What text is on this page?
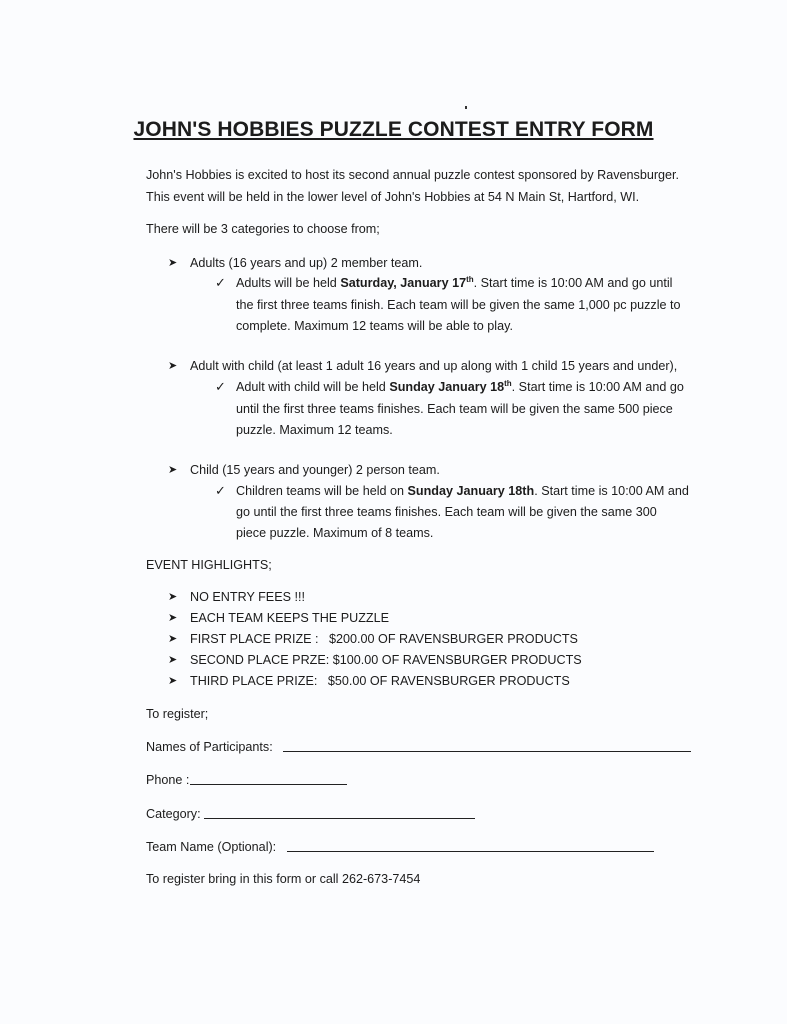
JOHN'S HOBBIES PUZZLE CONTEST ENTRY FORM
John's Hobbies is excited to host its second annual puzzle contest sponsored by Ravensburger.
This event will be held in the lower level of John's Hobbies at 54 N Main St, Hartford, WI.
There will be 3 categories to choose from;
➤ Adults (16 years and up) 2 member team.
✓ Adults will be held Saturday, January 17th. Start time is 10:00 AM and go until
the first three teams finish. Each team will be given the same 1,000 pc puzzle to
complete. Maximum 12 teams will be able to play.
➤ Adult with child (at least 1 adult 16 years and up along with 1 child 15 years and under),
✓ Adult with child will be held Sunday January 18th. Start time is 10:00 AM and go
until the first three teams finishes. Each team will be given the same 500 piece
puzzle. Maximum 12 teams.
➤ Child (15 years and younger) 2 person team.
✓ Children teams will be held on Sunday January 18th. Start time is 10:00 AM and
go until the first three teams finishes. Each team will be given the same 300
piece puzzle. Maximum of 8 teams.
EVENT HIGHLIGHTS;
➤ NO ENTRY FEES !!!
➤ EACH TEAM KEEPS THE PUZZLE
➤ FIRST PLACE PRIZE :   $200.00 OF RAVENSBURGER PRODUCTS
➤ SECOND PLACE PRZE: $100.00 OF RAVENSBURGER PRODUCTS
➤ THIRD PLACE PRIZE:   $50.00 OF RAVENSBURGER PRODUCTS
To register;
Names of Participants:
Phone :
Category:
Team Name (Optional):
To register bring in this form or call 262-673-7454
